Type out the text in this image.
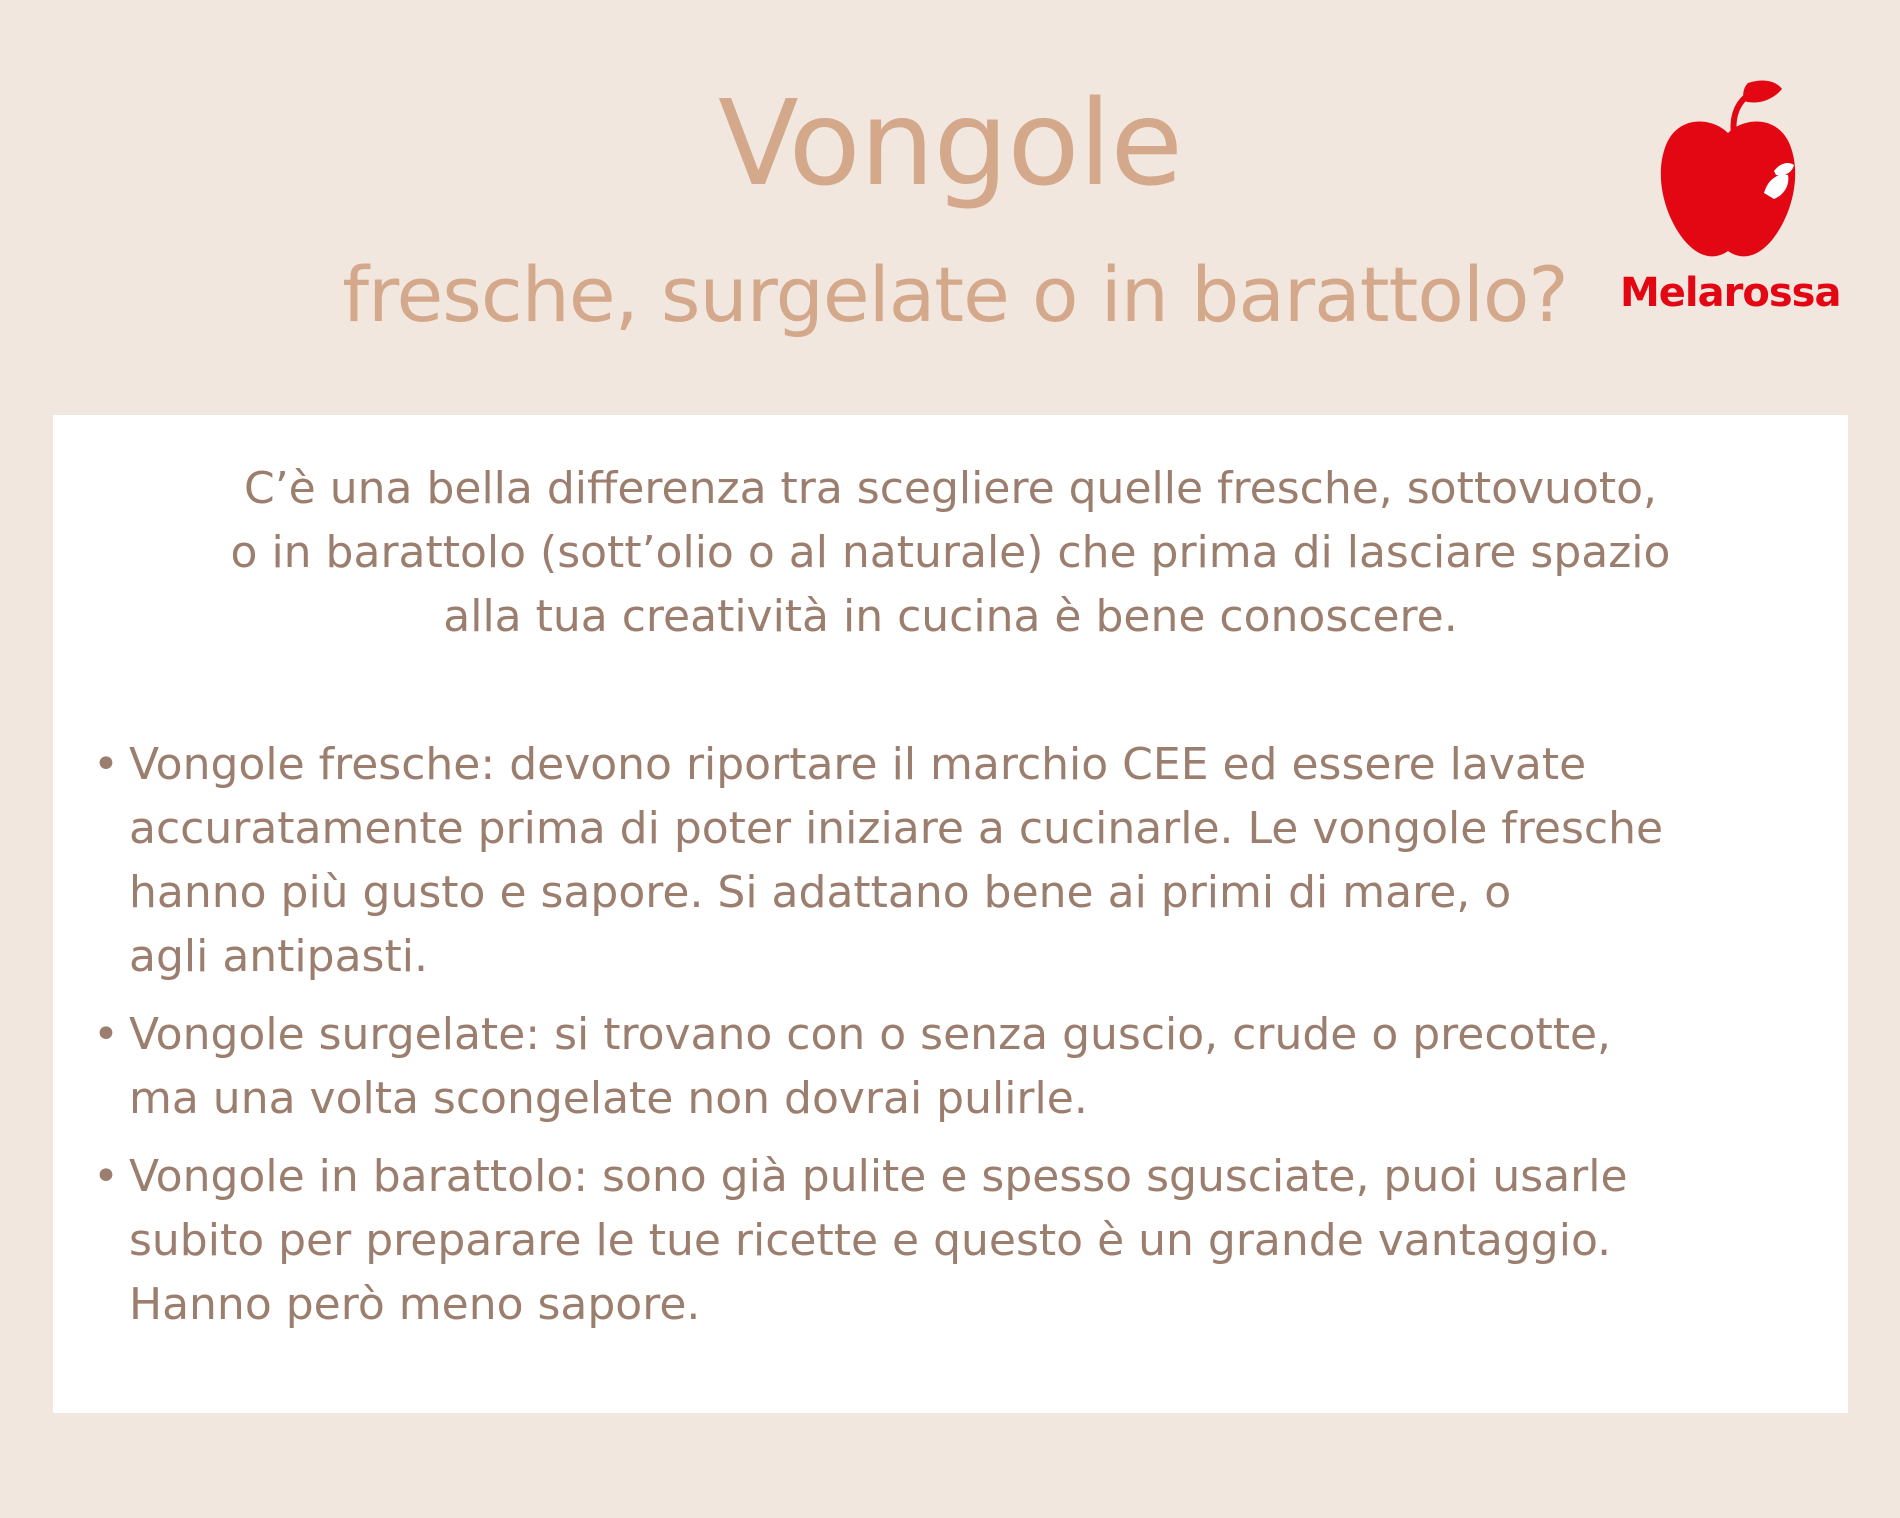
Vongole
fresche, surgelate o in barattolo?	Melarossa
C’è una bella differenza tra scegliere quelle fresche, sottovuoto,
o in barattolo (sott’olio o al naturale) che prima di lasciare spazio
alla tua creatività in cucina è bene conoscere.
• Vongole fresche: devono riportare il marchio CEE ed essere lavate
accuratamente prima di poter iniziare a cucinarle. Le vongole fresche
hanno più gusto e sapore. Si adattano bene ai primi di mare, o
agli antipasti.
• Vongole surgelate: si trovano con o senza guscio, crude o precotte,
ma una volta scongelate non dovrai pulirle.
• Vongole in barattolo: sono già pulite e spesso sgusciate, puoi usarle
subito per preparare le tue ricette e questo è un grande vantaggio.
Hanno però meno sapore.
